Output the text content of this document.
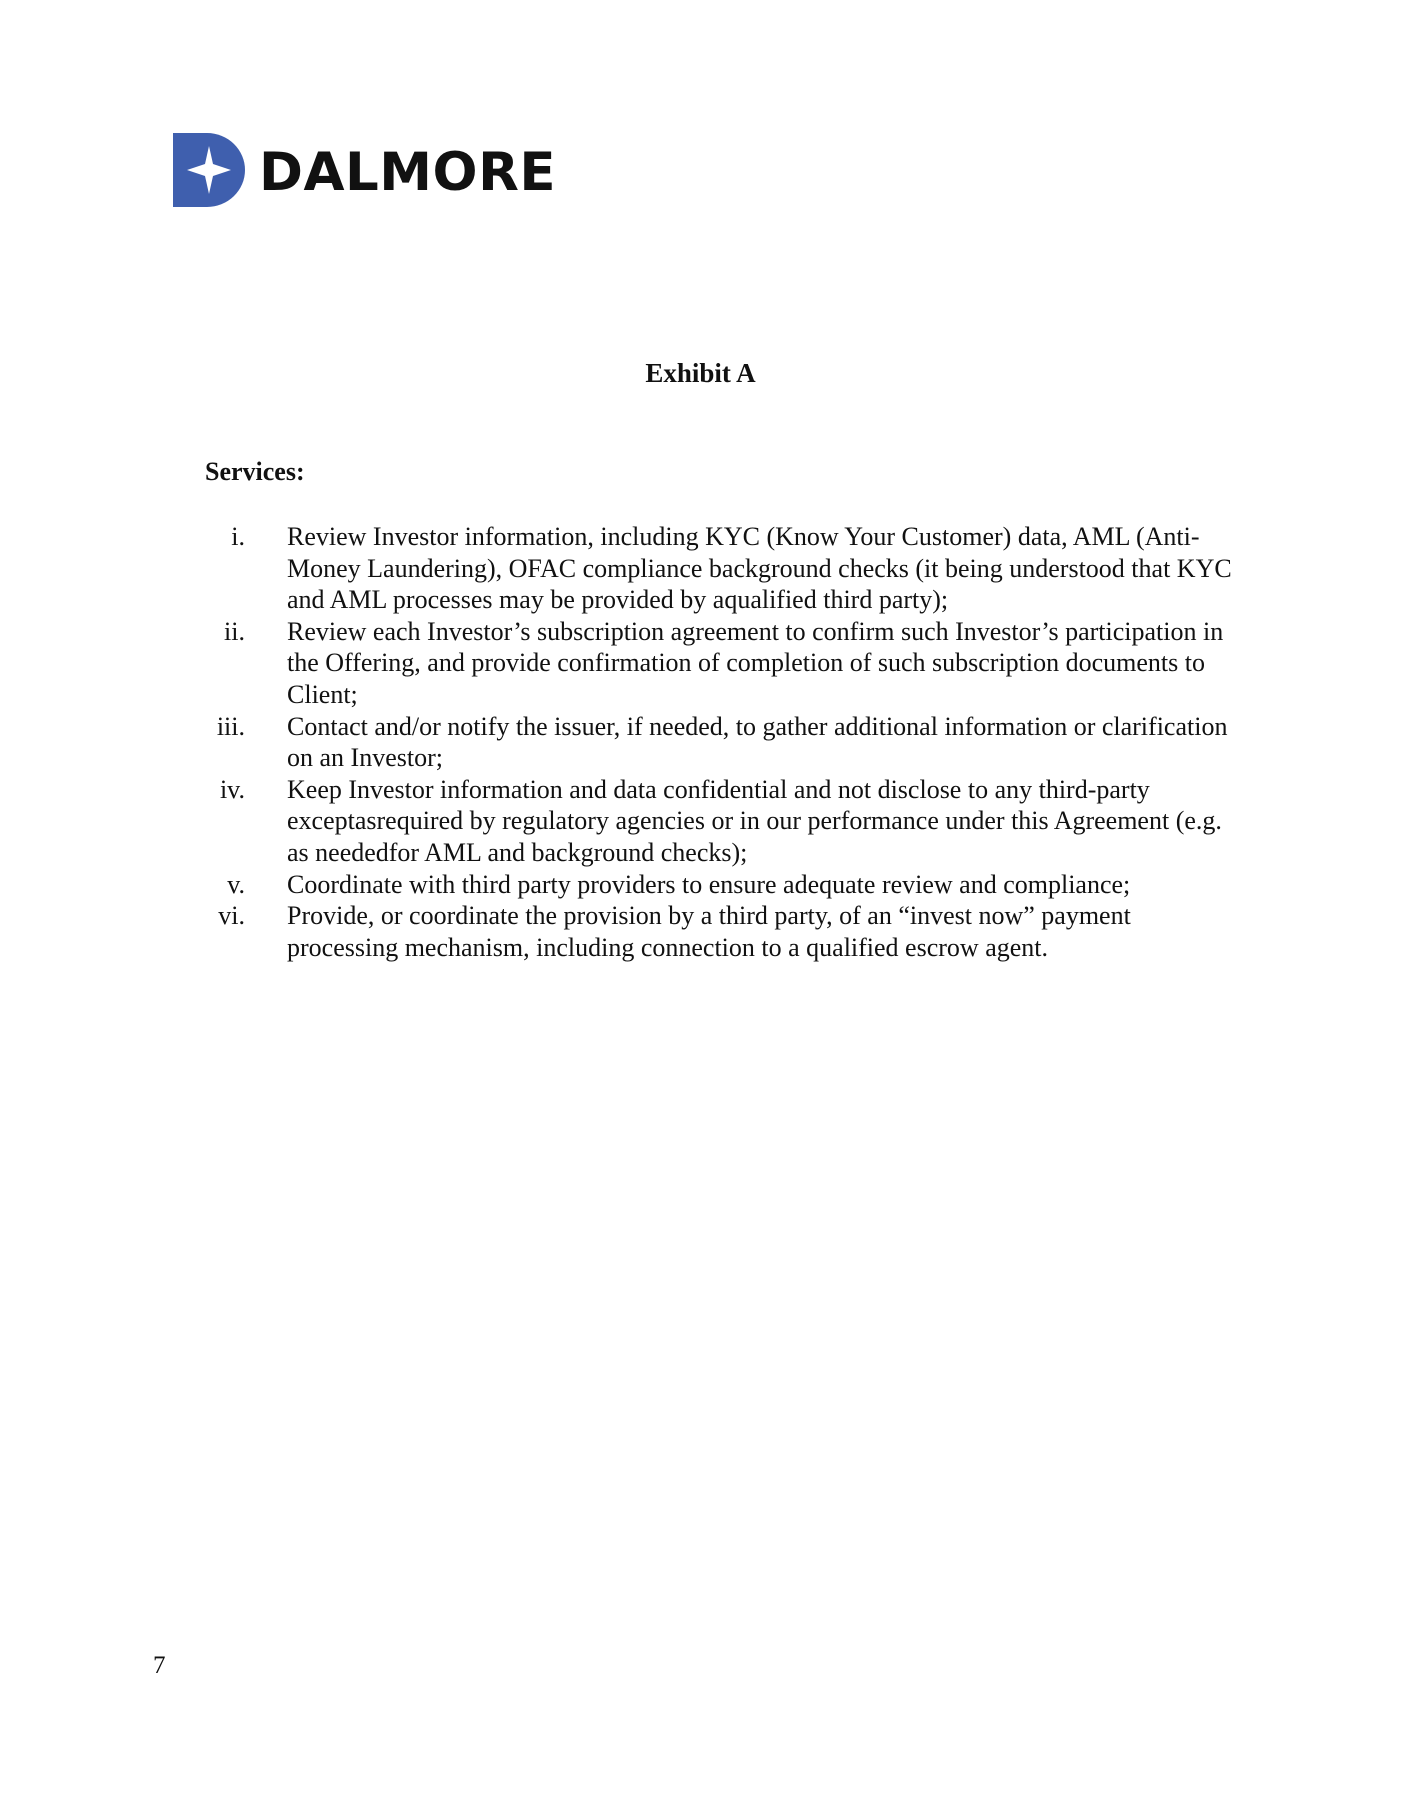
DALMORE
Exhibit A
Services:
i. Review Investor information, including KYC (Know Your Customer) data, AML (Anti-Money Laundering), OFAC compliance background checks (it being understood that KYC and AML processes may be provided by aqualified third party);
ii. Review each Investor’s subscription agreement to confirm such Investor’s participation in the Offering, and provide confirmation of completion of such subscription documents to Client;
iii. Contact and/or notify the issuer, if needed, to gather additional information or clarification on an Investor;
iv. Keep Investor information and data confidential and not disclose to any third-party exceptasrequired by regulatory agencies or in our performance under this Agreement (e.g. as neededfor AML and background checks);
v. Coordinate with third party providers to ensure adequate review and compliance;
vi. Provide, or coordinate the provision by a third party, of an “invest now” payment processing mechanism, including connection to a qualified escrow agent.

7
